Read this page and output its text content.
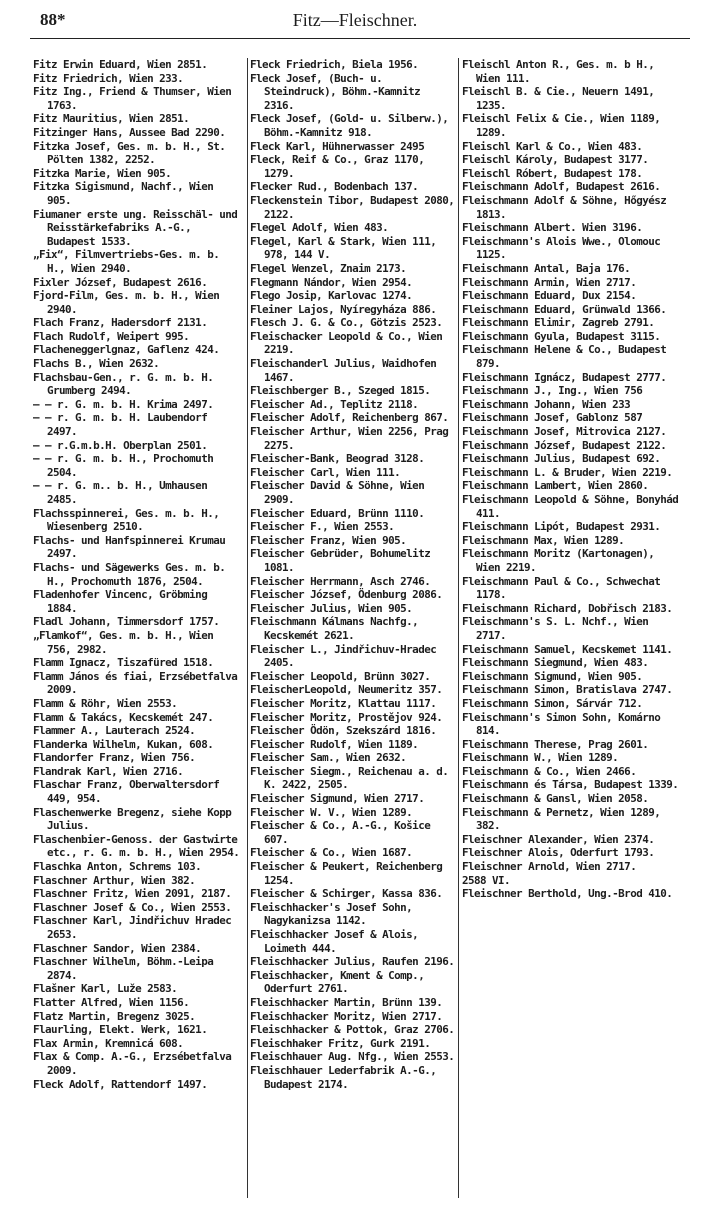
88*	Fitz—Fleischner.
Fitz Erwin Eduard, Wien 2851.
Fitz Friedrich, Wien 233.
Fitz Ing., Friend & Thumser, Wien 1763.
Fitz Mauritius, Wien 2851.
Fitzinger Hans, Aussee Bad 2290.
Fitzka Josef, Ges. m. b. H., St. Pölten 1382, 2252.
Fitzka Marie, Wien 905.
Fitzka Sigismund, Nachf., Wien 905.
Fiumaner erste ung. Reisschäl- und Reisstärkefabriks A.-G., Budapest 1533.
„Fix“, Filmvertriebs-Ges. m. b. H., Wien 2940.
Fixler József, Budapest 2616.
Fjord-Film, Ges. m. b. H., Wien 2940.
Flach Franz, Hadersdorf 2131.
Flach Rudolf, Weipert 995.
Flacheneggerlgnaz, Gaflenz 424.
Flachs B., Wien 2632.
Flachsbau-Gen., r. G. m. b. H. Grumberg 2494.
— — r. G. m. b. H. Krima 2497.
— — r. G. m. b. H. Laubendorf 2497.
— — r.G.m.b.H. Oberplan 2501.
— — r. G. m. b. H., Prochomuth 2504.
— — r. G. m.. b. H., Umhausen 2485.
Flachsspinnerei, Ges. m. b. H., Wiesenberg 2510.
Flachs- und Hanfspinnerei Krumau 2497.
Flachs- und Sägewerks Ges. m. b. H., Prochomuth 1876, 2504.
Fladenhofer Vincenc, Gröbming 1884.
Fladl Johann, Timmersdorf 1757.
„Flamkof“, Ges. m. b. H., Wien 756, 2982.
Flamm Ignacz, Tiszafüred 1518.
Flamm János és fiai, Erzsébetfalva 2009.
Flamm & Röhr, Wien 2553.
Flamm & Takács, Kecskemét 247.
Flammer A., Lauterach 2524.
Flanderka Wilhelm, Kukan, 608.
Flandorfer Franz, Wien 756.
Flandrak Karl, Wien 2716.
Flaschar Franz, Oberwaltersdorf 449, 954.
Flaschenwerke Bregenz, siehe Kopp Julius.
Flaschenbier-Genoss. der Gastwirte etc., r. G. m. b. H., Wien 2954.
Flaschka Anton, Schrems 103.
Flaschner Arthur, Wien 382.
Flaschner Fritz, Wien 2091, 2187.
Flaschner Josef & Co., Wien 2553.
Flaschner Karl, Jindřichuv Hradec 2653.
Flaschner Sandor, Wien 2384.
Flaschner Wilhelm, Böhm.-Leipa 2874.
Flašner Karl, Luže 2583.
Flatter Alfred, Wien 1156.
Flatz Martin, Bregenz 3025.
Flaurling, Elekt. Werk, 1621.
Flax Armin, Kremnicá 608.
Flax & Comp. A.-G., Erzsébetfalva 2009.
Fleck Adolf, Rattendorf 1497.
Fleck Friedrich, Biela 1956.
Fleck Josef, (Buch- u. Steindruck), Böhm.-Kamnitz 2316.
Fleck Josef, (Gold- u. Silberw.), Böhm.-Kamnitz 918.
Fleck Karl, Hühnerwasser 2495
Fleck, Reif & Co., Graz 1170, 1279.
Flecker Rud., Bodenbach 137.
Fleckenstein Tibor, Budapest 2080, 2122.
Flegel Adolf, Wien 483.
Flegel, Karl & Stark, Wien 111, 978, 144 V.
Flegel Wenzel, Znaim 2173.
Flegmann Nándor, Wien 2954.
Flego Josip, Karlovac 1274.
Fleiner Lajos, Nyíregyháza 886.
Flesch J. G. & Co., Götzis 2523.
Fleischacker Leopold & Co., Wien 2219.
Fleischanderl Julius, Waidhofen 1467.
Fleischberger B., Szeged 1815.
Fleischer Ad., Teplitz 2118.
Fleischer Adolf, Reichenberg 867.
Fleischer Arthur, Wien 2256, Prag 2275.
Fleischer-Bank, Beograd 3128.
Fleischer Carl, Wien 111.
Fleischer David & Söhne, Wien 2909.
Fleischer Eduard, Brünn 1110.
Fleischer F., Wien 2553.
Fleischer Franz, Wien 905.
Fleischer Gebrüder, Bohumelitz 1081.
Fleischer Herrmann, Asch 2746.
Fleischer József, Ödenburg 2086.
Fleischer Julius, Wien 905.
Fleischmann Kálmans Nachfg., Kecskemét 2621.
Fleischer L., Jindřichuv-Hradec 2405.
Fleischer Leopold, Brünn 3027.
FleischerLeopold, Neumeritz 357.
Fleischer Moritz, Klattau 1117.
Fleischer Moritz, Prostějov 924.
Fleischer Ödön, Szekszárd 1816.
Fleischer Rudolf, Wien 1189.
Fleischer Sam., Wien 2632.
Fleischer Siegm., Reichenau a. d. K. 2422, 2505.
Fleischer Sigmund, Wien 2717.
Fleischer W. V., Wien 1289.
Fleischer & Co., A.-G., Košice 607.
Fleischer & Co., Wien 1687.
Fleischer & Peukert, Reichenberg 1254.
Fleischer & Schirger, Kassa 836.
Fleischhacker's Josef Sohn, Nagykanizsa 1142.
Fleischhacker Josef & Alois, Loimeth 444.
Fleischhacker Julius, Raufen 2196.
Fleischhacker, Kment & Comp., Oderfurt 2761.
Fleischhacker Martin, Brünn 139.
Fleischhacker Moritz, Wien 2717.
Fleischhacker & Pottok, Graz 2706.
Fleischhaker Fritz, Gurk 2191.
Fleischhauer Aug. Nfg., Wien 2553.
Fleischhauer Lederfabrik A.-G., Budapest 2174.
Fleischl Anton R., Ges. m. b H., Wien 111.
Fleischl B. & Cie., Neuern 1491, 1235.
Fleischl Felix & Cie., Wien 1189, 1289.
Fleischl Karl & Co., Wien 483.
Fleischl Károly, Budapest 3177.
Fleischl Róbert, Budapest 178.
Fleischmann Adolf, Budapest 2616.
Fleischmann Adolf & Söhne, Hőgyész 1813.
Fleischmann Albert. Wien 3196.
Fleischmann's Alois Wwe., Olomouc 1125.
Fleischmann Antal, Baja 176.
Fleischmann Armin, Wien 2717.
Fleischmann Eduard, Dux 2154.
Fleischmann Eduard, Grünwald 1366.
Fleischmann Elimir, Zagreb 2791.
Fleischmann Gyula, Budapest 3115.
Fleischmann Helene & Co., Budapest 879.
Fleischmann Ignácz, Budapest 2777.
Fleischmann J., Ing., Wien 756
Fleischmann Johann, Wien 233
Fleischmann Josef, Gablonz 587
Fleischmann Josef, Mitrovica 2127.
Fleischmann József, Budapest 2122.
Fleischmann Julius, Budapest 692.
Fleischmann L. & Bruder, Wien 2219.
Fleischmann Lambert, Wien 2860.
Fleischmann Leopold & Söhne, Bonyhád 411.
Fleischmann Lipót, Budapest 2931.
Fleischmann Max, Wien 1289.
Fleischmann Moritz (Kartonagen), Wien 2219.
Fleischmann Paul & Co., Schwechat 1178.
Fleischmann Richard, Dobřisch 2183.
Fleischmann's S. L. Nchf., Wien 2717.
Fleischmann Samuel, Kecskemet 1141.
Fleischmann Siegmund, Wien 483.
Fleischmann Sigmund, Wien 905.
Fleischmann Simon, Bratislava 2747.
Fleischmann Simon, Sárvár 712.
Fleischmann's Simon Sohn, Komárno 814.
Fleischmann Therese, Prag 2601.
Fleischmann W., Wien 1289.
Fleischmann & Co., Wien 2466.
Fleischmann és Társa, Budapest 1339.
Fleischmann & Gansl, Wien 2058.
Fleischmann & Pernetz, Wien 1289, 382.
Fleischner Alexander, Wien 2374.
Fleischner Alois, Oderfurt 1793.
Fleischner Arnold, Wien 2717.
2588 VI.
Fleischner Berthold, Ung.-Brod 410.
